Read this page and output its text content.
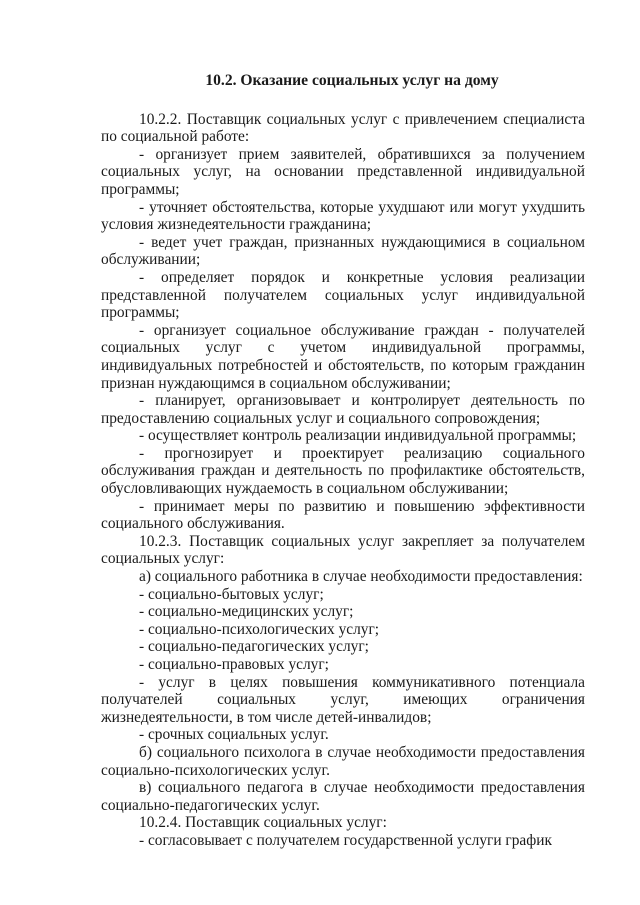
10.2. Оказание социальных услуг на дому

10.2.2. Поставщик социальных услуг с привлечением специалиста по социальной работе:

- организует прием заявителей, обратившихся за получением социальных услуг, на основании представленной индивидуальной программы;

- уточняет обстоятельства, которые ухудшают или могут ухудшить условия жизнедеятельности гражданина;

- ведет учет граждан, признанных нуждающимися в социальном обслуживании;

- определяет порядок и конкретные условия реализации представленной получателем социальных услуг индивидуальной программы;

- организует социальное обслуживание граждан - получателей социальных услуг с учетом индивидуальной программы, индивидуальных потребностей и обстоятельств, по которым гражданин признан нуждающимся в социальном обслуживании;

- планирует, организовывает и контролирует деятельность по предоставлению социальных услуг и социального сопровождения;

- осуществляет контроль реализации индивидуальной программы;

- прогнозирует и проектирует реализацию социального обслуживания граждан и деятельность по профилактике обстоятельств, обусловливающих нуждаемость в социальном обслуживании;

- принимает меры по развитию и повышению эффективности социального обслуживания.

10.2.3. Поставщик социальных услуг закрепляет за получателем социальных услуг:

а) социального работника в случае необходимости предоставления:

- социально-бытовых услуг;

- социально-медицинских услуг;

- социально-психологических услуг;

- социально-педагогических услуг;

- социально-правовых услуг;

- услуг в целях повышения коммуникативного потенциала получателей социальных услуг, имеющих ограничения жизнедеятельности, в том числе детей-инвалидов;

- срочных социальных услуг.

б) социального психолога в случае необходимости предоставления социально-психологических услуг.

в) социального педагога в случае необходимости предоставления социально-педагогических услуг.

10.2.4. Поставщик социальных услуг:

- согласовывает с получателем государственной услуги график
